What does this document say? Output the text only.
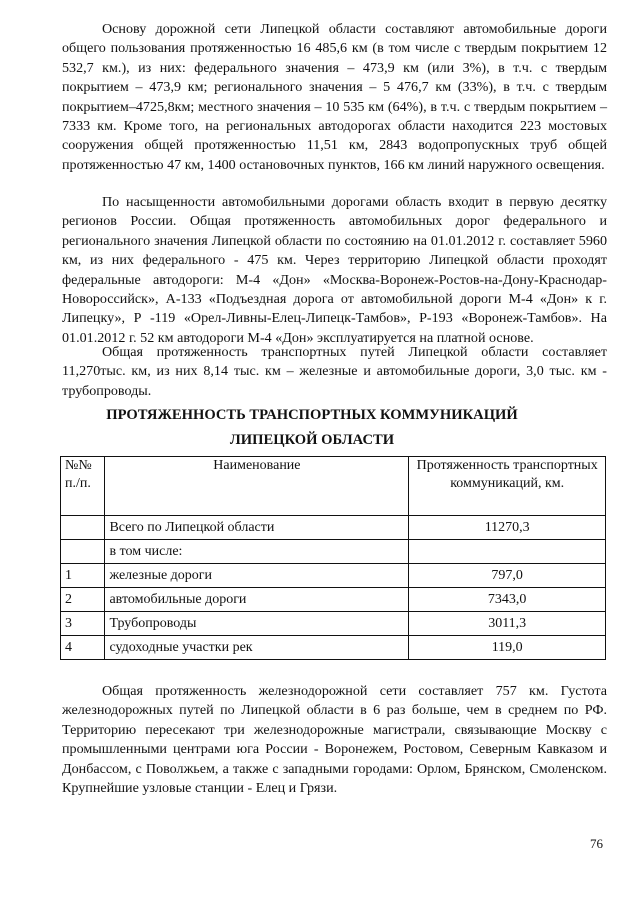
Основу дорожной сети Липецкой области составляют автомобильные дороги общего пользования протяженностью 16 485,6 км (в том числе с твердым покрытием 12 532,7 км.), из них: федерального значения – 473,9 км (или 3%), в т.ч. с твердым покрытием – 473,9 км; регионального значения – 5 476,7 км (33%), в т.ч. с твердым покрытием–4725,8км; местного значения – 10 535 км (64%), в т.ч. с твердым покрытием – 7333 км. Кроме того, на региональных автодорогах области находится 223 мостовых сооружения общей протяженностью 11,51 км, 2843 водопропускных труб общей протяженностью 47 км, 1400 остановочных пунктов, 166 км линий наружного освещения.

По насыщенности автомобильными дорогами область входит в первую десятку регионов России. Общая протяженность автомобильных дорог федерального и регионального значения Липецкой области по состоянию на 01.01.2012 г. составляет 5960 км, из них федерального - 475 км. Через территорию Липецкой области проходят федеральные автодороги: М-4 «Дон» «Москва-Воронеж-Ростов-на-Дону-Краснодар-Новороссийск», А-133 «Подъездная дорога от автомобильной дороги М-4 «Дон» к г. Липецку», Р -119 «Орел-Ливны-Елец-Липецк-Тамбов», Р-193 «Воронеж-Тамбов». На 01.01.2012 г. 52 км автодороги М-4 «Дон» эксплуатируется на платной основе.

Общая протяженность транспортных путей Липецкой области составляет 11,270тыс. км, из них 8,14 тыс. км – железные и автомобильные дороги, 3,0 тыс. км - трубопроводы.

ПРОТЯЖЕННОСТЬ ТРАНСПОРТНЫХ КОММУНИКАЦИЙ

ЛИПЕЦКОЙ ОБЛАСТИ

№№ п./п.	Наименование	Протяженность транспортных коммуникаций, км.
	Всего по Липецкой области	11270,3
	в том числе:	
1	железные дороги	797,0
2	автомобильные дороги	7343,0
3	Трубопроводы	3011,3
4	судоходные участки рек	119,0

Общая протяженность железнодорожной сети составляет 757 км. Густота железнодорожных путей по Липецкой области в 6 раз больше, чем в среднем по РФ. Территорию пересекают три железнодорожные магистрали, связывающие Москву с промышленными центрами юга России - Воронежем, Ростовом, Северным Кавказом и Донбассом, с Поволжьем, а также с западными городами: Орлом, Брянском, Смоленском. Крупнейшие узловые станции - Елец и Грязи.

76
